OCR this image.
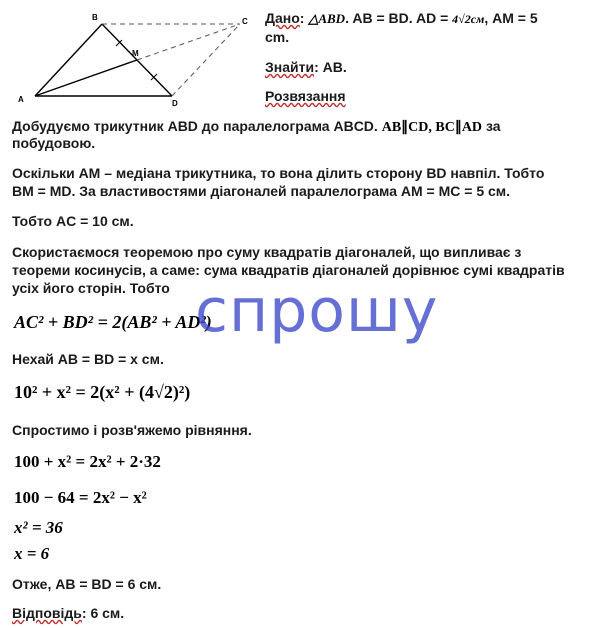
A
B	C
D
M
Дано: △ABD. AB = BD. AD = 4√2см, AM = 5
cm.
Знайти: AB.
Розвязання
Добудуємо трикутник ABD до паралелограма ABCD. AB∥CD, BC∥AD за
побудовою.
Оскільки AM – медіана трикутника, то вона ділить сторону BD навпіл. Тобто
BM = MD. За властивостями діагоналей паралелограма AM = MC = 5 см.
Тобто AC = 10 см.
Скористаємося теоремою про суму квадратів діагоналей, що випливає з
теореми косинусів, а саме: сума квадратів діагоналей дорівнює сумі квадратів
усіх його сторін. Тобто
AC² + BD² = 2(AB² + AD²)
Нехай AB = BD = x см.
10² + x² = 2(x² + (4√2)²)
Спростимо і розв'яжемо рівняння.
100 + x² = 2x² + 2·32
100 − 64 = 2x² − x²
x² = 36
x = 6
Отже, AB = BD = 6 см.
Відповідь: 6 см.
спрошу
